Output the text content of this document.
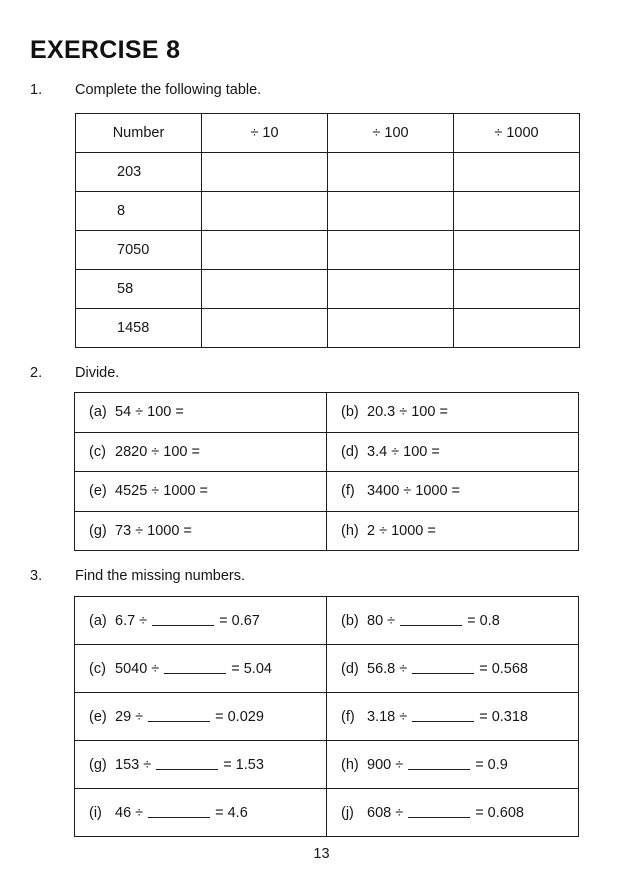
EXERCISE 8
1. Complete the following table.
Number	÷ 10	÷ 100	÷ 1000
203			
8			
7050			
58			
1458			
2. Divide.
(a) 54 ÷ 100 =	(b) 20.3 ÷ 100 =
(c) 2820 ÷ 100 =	(d) 3.4 ÷ 100 =
(e) 4525 ÷ 1000 =	(f) 3400 ÷ 1000 =
(g) 73 ÷ 1000 =	(h) 2 ÷ 1000 =
3. Find the missing numbers.
(a) 6.7 ÷ = 0.67	(b) 80 ÷ = 0.8
(c) 5040 ÷ = 5.04	(d) 56.8 ÷ = 0.568
(e) 29 ÷ = 0.029	(f) 3.18 ÷ = 0.318
(g) 153 ÷ = 1.53	(h) 900 ÷ = 0.9
(i) 46 ÷ = 4.6	(j) 608 ÷ = 0.608
13
